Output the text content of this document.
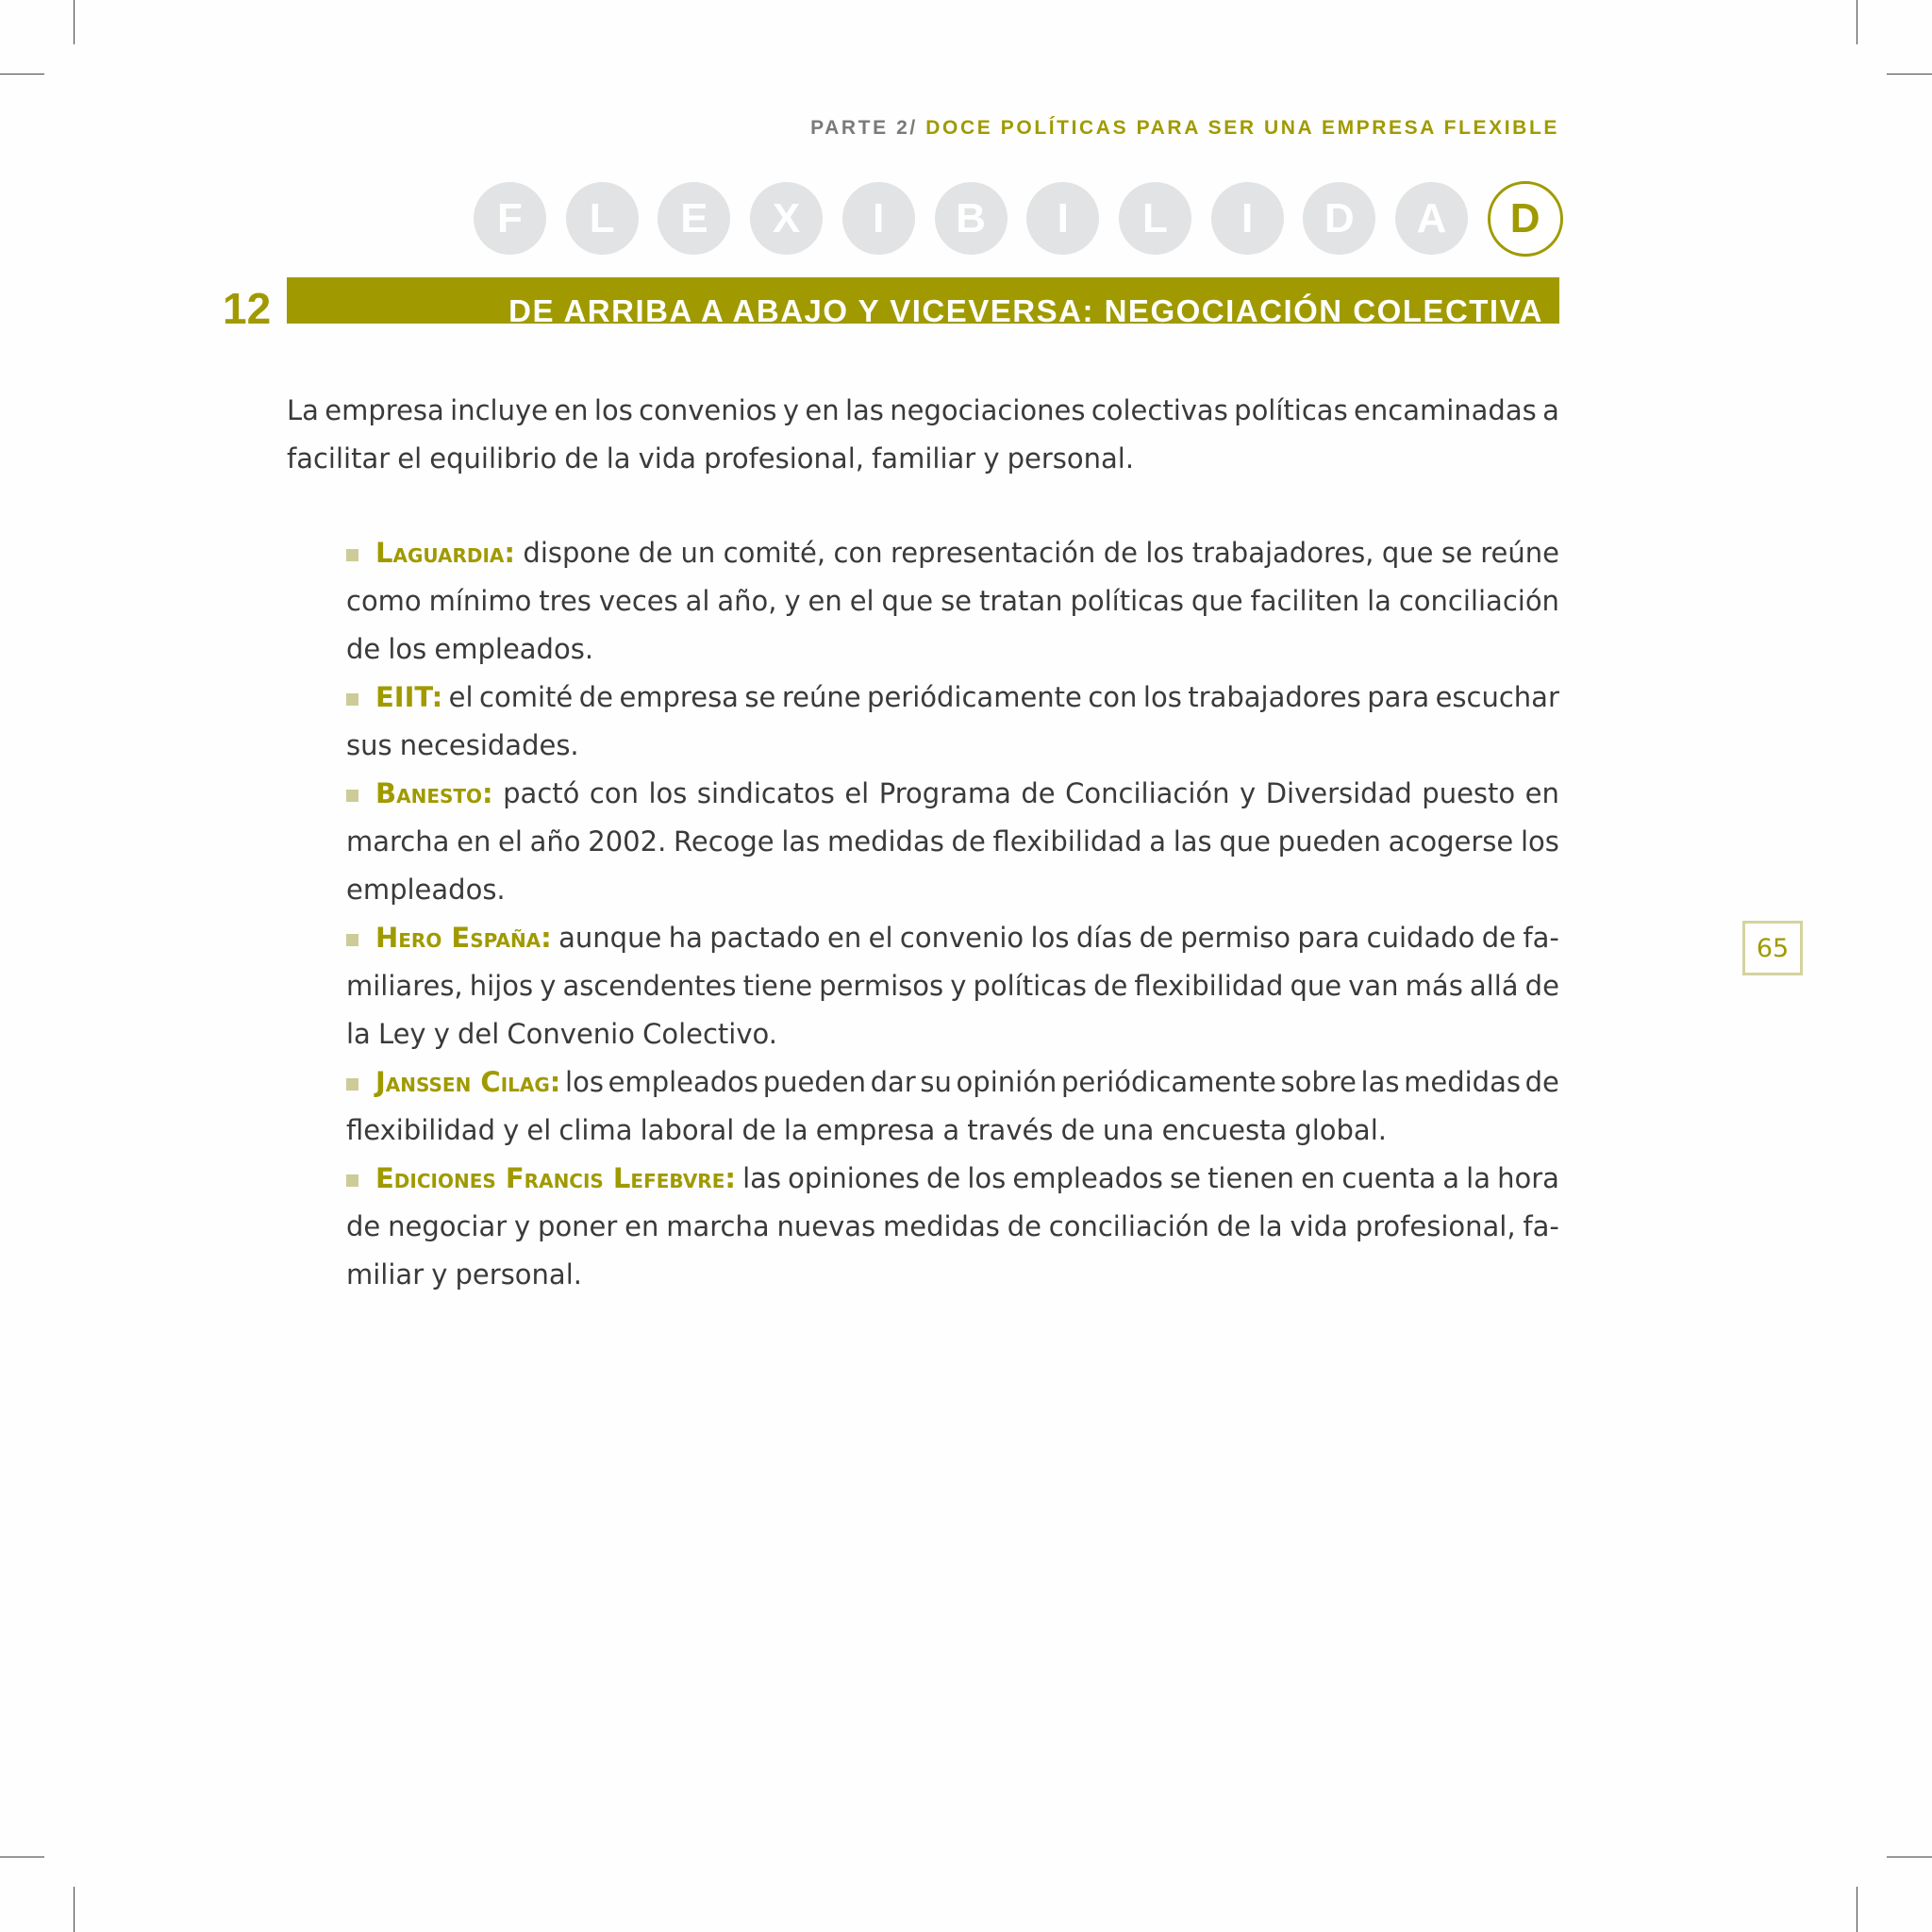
PARTE 2/ DOCE POLÍTICAS PARA SER UNA EMPRESA FLEXIBLE
F	L	E	X	I	B	I	L	I	D	A	D
12	DE ARRIBA A ABAJO Y VICEVERSA: NEGOCIACIÓN COLECTIVA
La empresa incluye en los convenios y en las negociaciones colectivas políticas encaminadas a
facilitar el equilibrio de la vida profesional, familiar y personal.
Laguardia: dispone de un comité, con representación de los trabajadores, que se reúne
como mínimo tres veces al año, y en el que se tratan políticas que faciliten la conciliación
de los empleados.
EIIT: el comité de empresa se reúne periódicamente con los trabajadores para escuchar
sus necesidades.
Banesto: pactó con los sindicatos el Programa de Conciliación y Diversidad puesto en
marcha en el año 2002. Recoge las medidas de flexibilidad a las que pueden acogerse los
empleados.
Hero España: aunque ha pactado en el convenio los días de permiso para cuidado de fa-
miliares, hijos y ascendentes tiene permisos y políticas de flexibilidad que van más allá de
la Ley y del Convenio Colectivo.
Janssen Cilag: los empleados pueden dar su opinión periódicamente sobre las medidas de
flexibilidad y el clima laboral de la empresa a través de una encuesta global.
Ediciones Francis Lefebvre: las opiniones de los empleados se tienen en cuenta a la hora
de negociar y poner en marcha nuevas medidas de conciliación de la vida profesional, fa-
miliar y personal.
65
